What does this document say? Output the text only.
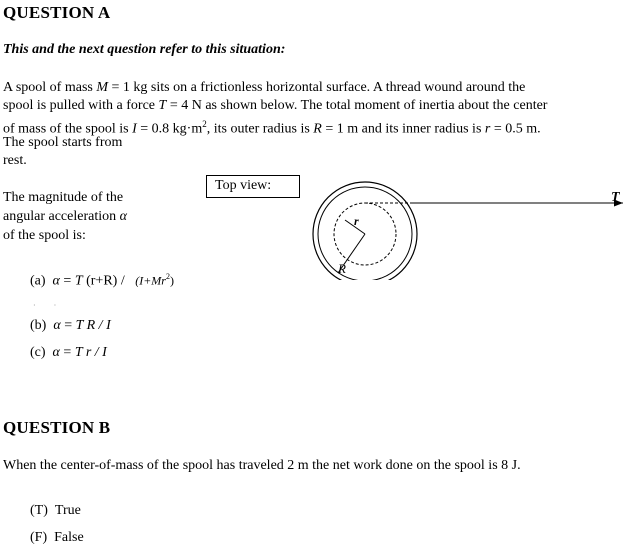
QUESTION A
This and the next question refer to this situation:
A spool of mass M = 1 kg sits on a frictionless horizontal surface. A thread wound around the
spool is pulled with a force T = 4 N as shown below. The total moment of inertia about the center
of mass of the spool is I = 0.8 $kg\cdot m^2$, its outer radius is R = 1 m and its inner radius is r = 0.5 m.
The spool starts from
rest.
The magnitude of the
angular acceleration α
of the spool is:
Top view:
r
R
T
(a) α = T $(r+R) / (I+Mr^2)$
·         ·
(b) α = T R / I
(c) α = T r / I
QUESTION B
When the center-of-mass of the spool has traveled 2 m the net work done on the spool is 8 J.
(T) True
(F) False
